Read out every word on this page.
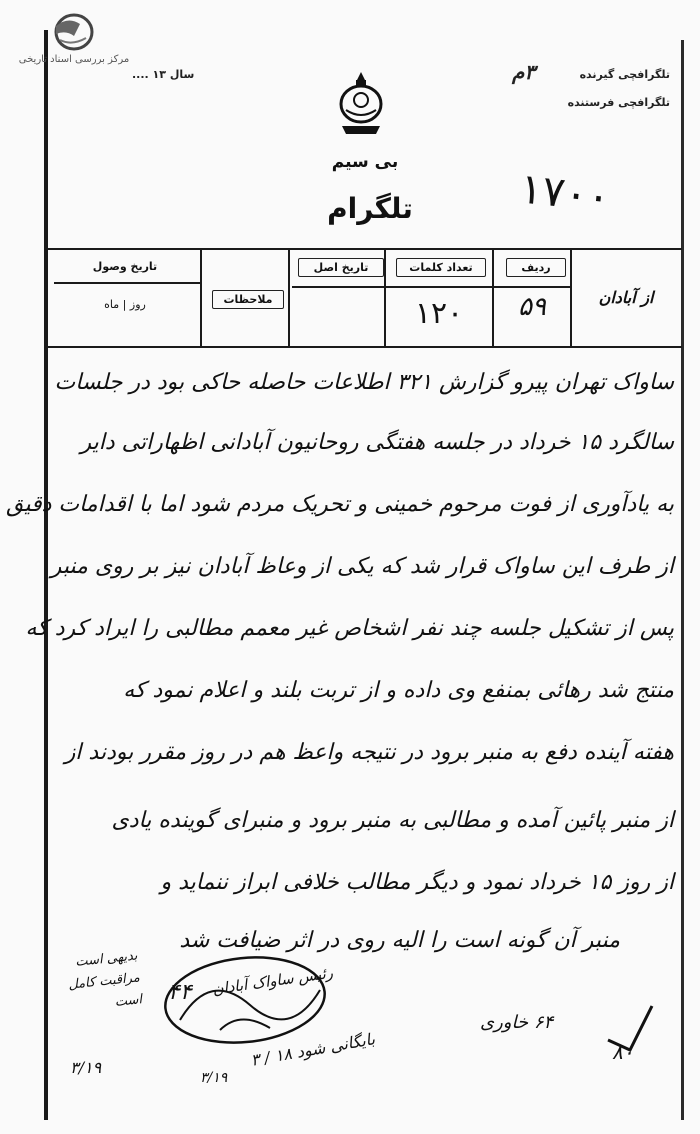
مرکز بررسی اسناد تاریخی
سال ۱۳ ....	تلگرافچی گیرنده
۳م
تلگرافچی فرستنده
بی سیم
تلگرام	۱۷۰۰
از آبادان
ردیف
۵۹
تعداد کلمات
۱۲۰
تاریخ اصل
ملاحظات
تاریخ وصول
روز | ماه
ساواک تهران پیرو گزارش ۳۲۱ اطلاعات حاصله حاکی بود در جلسات
سالگرد ۱۵ خرداد در جلسه هفتگی روحانیون آبادانی اظهاراتی دایر
به یادآوری از فوت مرحوم خمینی و تحریک مردم شود اما با اقدامات دقیق
از طرف این ساواک قرار شد که یکی از وعاظ آبادان نیز بر روی منبر
پس از تشکیل جلسه چند نفر اشخاص غیر معمم مطالبی را ایراد کرد که
منتج شد رهائی بمنفع وی داده و از تربت بلند و اعلام نمود که
هفته آینده دفع به منبر برود در نتیجه واعظ هم در روز مقرر بودند از
از منبر پائین آمده و مطالبی به منبر برود و منبرای گوینده یادی
از روز ۱۵ خرداد نمود و دیگر مطالب خلافی ابراز ننماید و
منبر آن گونه است را الیه روی در اثر ضیافت شد
بدیهی است مراقبت کامل است
۳/۱۹
رئیس ساواک آبادان
۴۴
بایگانی شود ۱۸ / ۳
۳/۱۹
۶۴ خاوری
۸۰
